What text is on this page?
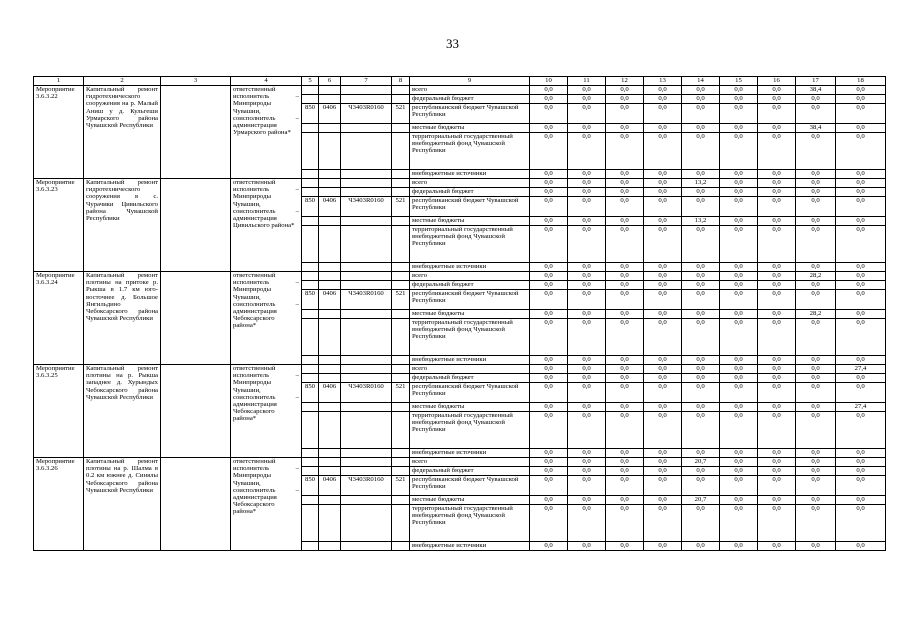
33
1	2	3	4	5	6	7	8	9	10	11	12	13	14	15	16	17	18
Мероприятие
3.6.3.22	Капитальный ремонт гидротехнического сооружения на р. Малый Аниш у д. Кульгеши Урмарского района Чувашской Республики		ответственный исполнитель – Минприроды Чувашии, соисполнитель – администрация Урмарского района*					всего	0,0	0,0	0,0	0,0	0,0	0,0	0,0	38,4	0,0
								федеральный бюджет	0,0	0,0	0,0	0,0	0,0	0,0	0,0	0,0	0,0
				850	0406	Ч3403R0160	521	республиканский бюджет Чувашской Республики	0,0	0,0	0,0	0,0	0,0	0,0	0,0	0,0	0,0
								местные бюджеты	0,0	0,0	0,0	0,0	0,0	0,0	0,0	38,4	0,0
								территориальный государственный внебюджетный фонд Чувашской Республики	0,0	0,0	0,0	0,0	0,0	0,0	0,0	0,0	0,0
								внебюджетные источники	0,0	0,0	0,0	0,0	0,0	0,0	0,0	0,0	0,0
Мероприятие
3.6.3.23	Капитальный ремонт гидротехнического сооружения в с. Чурачики Цивильского района Чувашской Республики		ответственный исполнитель – Минприроды Чувашии, соисполнитель – администрация Цивильского района*					всего	0,0	0,0	0,0	0,0	13,2	0,0	0,0	0,0	0,0
								федеральный бюджет	0,0	0,0	0,0	0,0	0,0	0,0	0,0	0,0	0,0
				850	0406	Ч3403R0160	521	республиканский бюджет Чувашской Республики	0,0	0,0	0,0	0,0	0,0	0,0	0,0	0,0	0,0
								местные бюджеты	0,0	0,0	0,0	0,0	13,2	0,0	0,0	0,0	0,0
								территориальный государственный внебюджетный фонд Чувашской Республики	0,0	0,0	0,0	0,0	0,0	0,0	0,0	0,0	0,0
								внебюджетные источники	0,0	0,0	0,0	0,0	0,0	0,0	0,0	0,0	0,0
Мероприятие
3.6.3.24	Капитальный ремонт плотины на притоке р. Рыкша в 1.7 км юго-восточнее д. Большое Янгильдино Чебоксарского района Чувашской Республики		ответственный исполнитель – Минприроды Чувашии, соисполнитель – администрация Чебоксарского района*					всего	0,0	0,0	0,0	0,0	0,0	0,0	0,0	28,2	0,0
								федеральный бюджет	0,0	0,0	0,0	0,0	0,0	0,0	0,0	0,0	0,0
				850	0406	Ч3403R0160	521	республиканский бюджет Чувашской Республики	0,0	0,0	0,0	0,0	0,0	0,0	0,0	0,0	0,0
								местные бюджеты	0,0	0,0	0,0	0,0	0,0	0,0	0,0	28,2	0,0
								территориальный государственный внебюджетный фонд Чувашской Республики	0,0	0,0	0,0	0,0	0,0	0,0	0,0	0,0	0,0
								внебюджетные источники	0,0	0,0	0,0	0,0	0,0	0,0	0,0	0,0	0,0
Мероприятие
3.6.3.25	Капитальный ремонт плотины на р. Рыкша западнее д. Хурындых Чебоксарского района Чувашской Республики		ответственный исполнитель – Минприроды Чувашии, соисполнитель – администрация Чебоксарского района*					всего	0,0	0,0	0,0	0,0	0,0	0,0	0,0	0,0	27,4
								федеральный бюджет	0,0	0,0	0,0	0,0	0,0	0,0	0,0	0,0	0,0
				850	0406	Ч3403R0160	521	республиканский бюджет Чувашской Республики	0,0	0,0	0,0	0,0	0,0	0,0	0,0	0,0	0,0
								местные бюджеты	0,0	0,0	0,0	0,0	0,0	0,0	0,0	0,0	27,4
								территориальный государственный внебюджетный фонд Чувашской Республики	0,0	0,0	0,0	0,0	0,0	0,0	0,0	0,0	0,0
								внебюджетные источники	0,0	0,0	0,0	0,0	0,0	0,0	0,0	0,0	0,0
Мероприятие
3.6.3.26	Капитальный ремонт плотины на р. Шалма в 0.2 км южнее д. Синялы Чебоксарского района Чувашской Республики		ответственный исполнитель – Минприроды Чувашии, соисполнитель – администрация Чебоксарского района*					всего	0,0	0,0	0,0	0,0	20,7	0,0	0,0	0,0	0,0
								федеральный бюджет	0,0	0,0	0,0	0,0	0,0	0,0	0,0	0,0	0,0
				850	0406	Ч3403R0160	521	республиканский бюджет Чувашской Республики	0,0	0,0	0,0	0,0	0,0	0,0	0,0	0,0	0,0
								местные бюджеты	0,0	0,0	0,0	0,0	20,7	0,0	0,0	0,0	0,0
								территориальный государственный внебюджетный фонд Чувашской Республики	0,0	0,0	0,0	0,0	0,0	0,0	0,0	0,0	0,0
								внебюджетные источники	0,0	0,0	0,0	0,0	0,0	0,0	0,0	0,0	0,0
